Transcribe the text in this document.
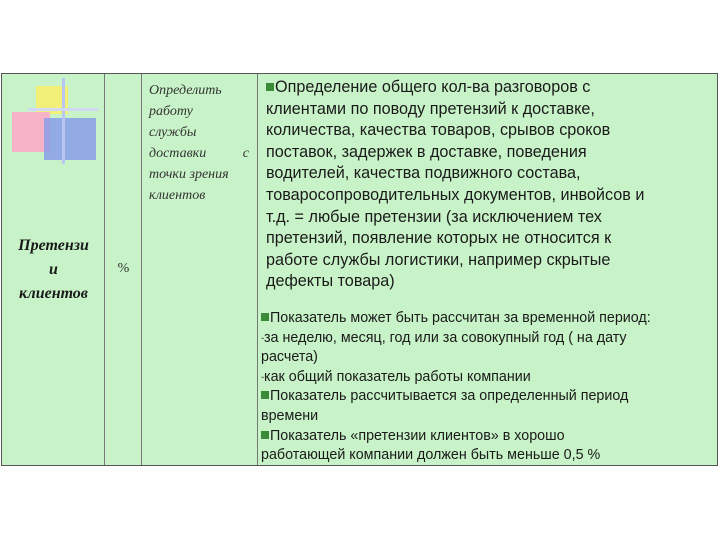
Претензи
и
клиентов
%
Определить
работу
службы
доставки с
точки зрения
клиентов
Определение общего кол-ва разговоров с
клиентами по поводу претензий к доставке,
количества, качества товаров, срывов сроков
поставок, задержек в доставке, поведения
водителей, качества подвижного состава,
товаросопроводительных документов, инвойсов и
т.д. = любые претензии (за исключением тех
претензий, появление которых не относится к
работе службы логистики, например скрытые
дефекты товара)
Показатель может быть рассчитан за временной период:
-за неделю, месяц, год или за совокупный год ( на дату
расчета)
-как общий показатель работы компании
Показатель рассчитывается за определенный период
времени
Показатель «претензии клиентов» в хорошо
работающей компании должен быть меньше 0,5 %
